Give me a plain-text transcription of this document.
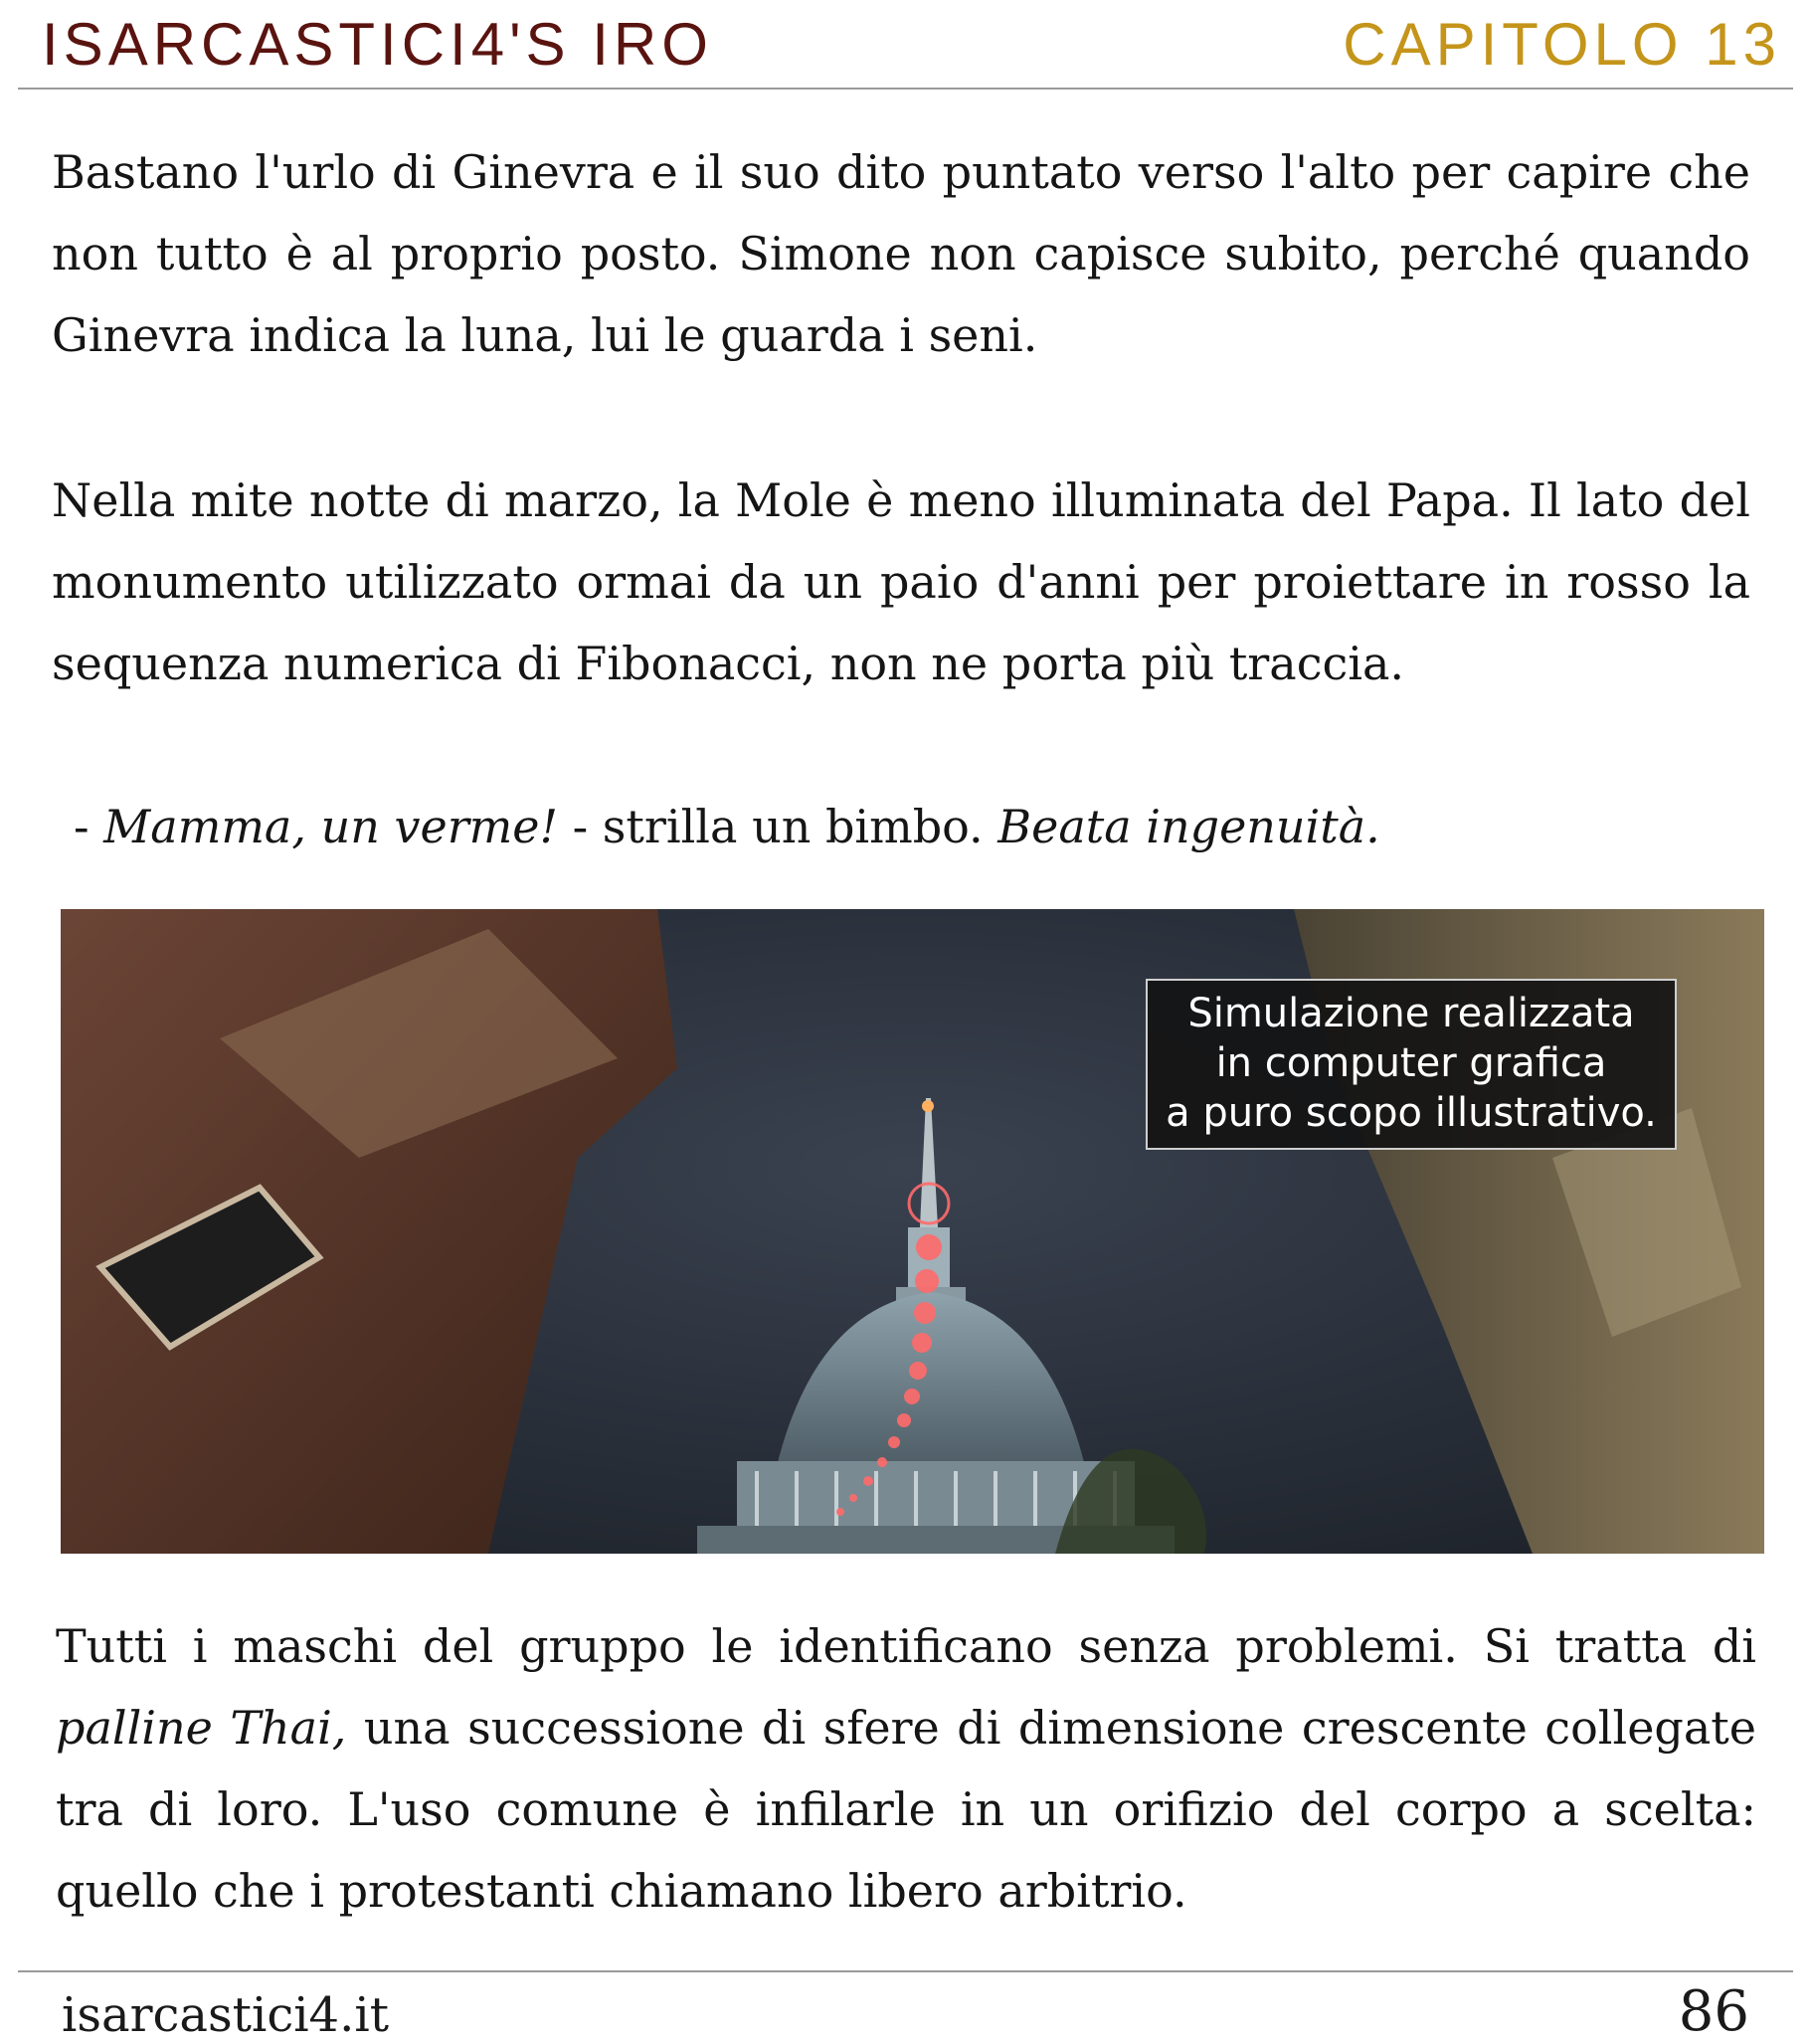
ISARCASTICI4'S IRO	CAPITOLO 13

Bastano l'urlo di Ginevra e il suo dito puntato verso l'alto per capire che non tutto è al proprio posto. Simone non capisce subito, perché quando Ginevra indica la luna, lui le guarda i seni.

Nella mite notte di marzo, la Mole è meno illuminata del Papa. Il lato del monumento utilizzato ormai da un paio d'anni per proiettare in rosso la sequenza numerica di Fibonacci, non ne porta più traccia.

- Mamma, un verme! - strilla un bimbo. Beata ingenuità.

Simulazione realizzata
in computer grafica
a puro scopo illustrativo.

Tutti i maschi del gruppo le identificano senza problemi. Si tratta di palline Thai, una successione di sfere di dimensione crescente collegate tra di loro. L'uso comune è infilarle in un orifizio del corpo a scelta: quello che i protestanti chiamano libero arbitrio.

isarcastici4.it	86
